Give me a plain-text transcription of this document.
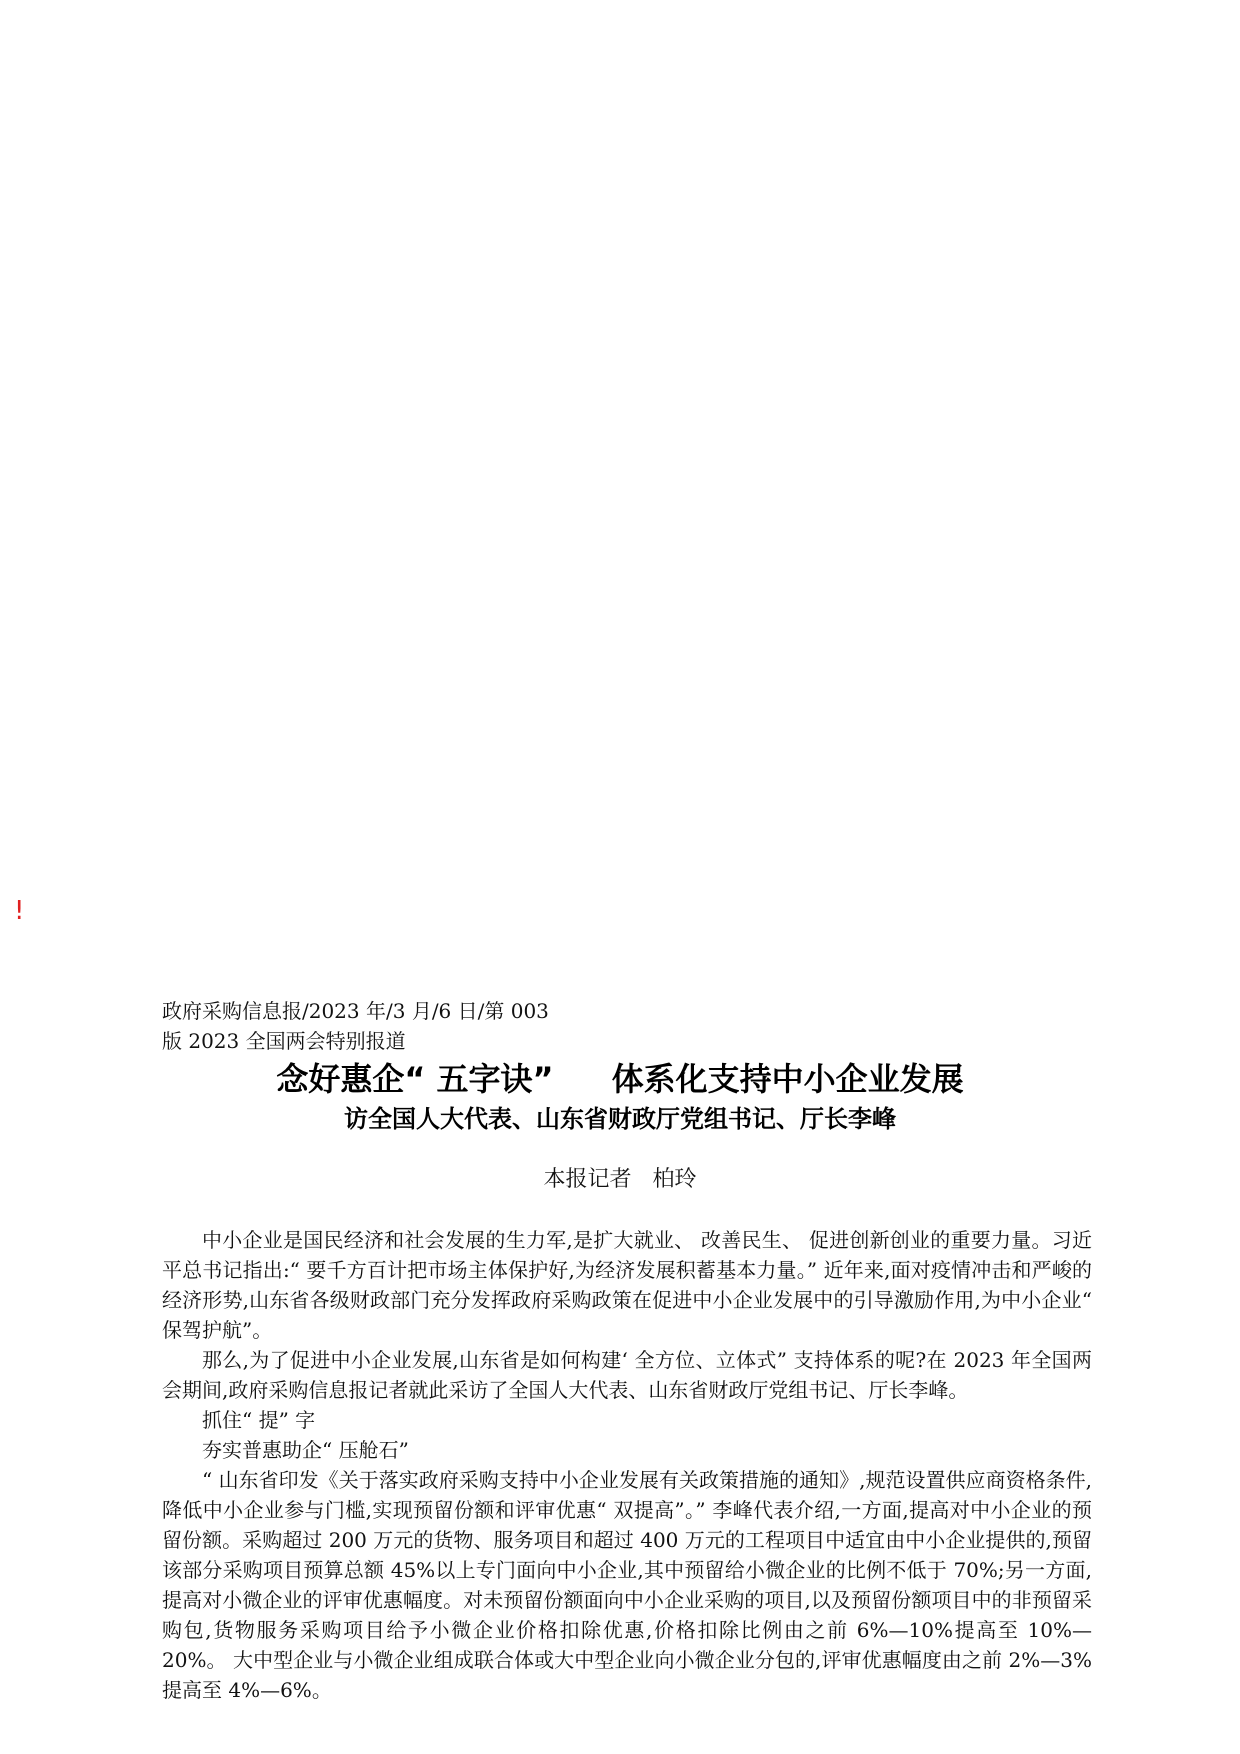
!
政府采购信息报/2023 年/3 月/6 日/第 003
版 2023 全国两会特别报道
念好惠企“ 五字诀” 体系化支持中小企业发展
访全国人大代表、山东省财政厅党组书记、厅长李峰
本报记者 柏玲

中小企业是国民经济和社会发展的生力军,是扩大就业、 改善民生、 促进创新创业的重要力量。习近平总书记指出:“ 要千方百计把市场主体保护好,为经济发展积蓄基本力量。” 近年来,面对疫情冲击和严峻的经济形势,山东省各级财政部门充分发挥政府采购政策在促进中小企业发展中的引导激励作用,为中小企业“ 保驾护航”。

那么,为了促进中小企业发展,山东省是如何构建‘ 全方位、立体式” 支持体系的呢?在 2023 年全国两会期间,政府采购信息报记者就此采访了全国人大代表、山东省财政厅党组书记、厅长李峰。

抓住“ 提” 字

夯实普惠助企“ 压舱石”

“ 山东省印发《关于落实政府采购支持中小企业发展有关政策措施的通知》,规范设置供应商资格条件,降低中小企业参与门槛,实现预留份额和评审优惠“ 双提高”。” 李峰代表介绍,一方面,提高对中小企业的预留份额。采购超过 200 万元的货物、服务项目和超过 400 万元的工程项目中适宜由中小企业提供的,预留该部分采购项目预算总额 45%以上专门面向中小企业,其中预留给小微企业的比例不低于 70%;另一方面,提高对小微企业的评审优惠幅度。对未预留份额面向中小企业采购的项目,以及预留份额项目中的非预留采购包,货物服务采购项目给予小微企业价格扣除优惠,价格扣除比例由之前 6%—10%提高至 10%—20%。 大中型企业与小微企业组成联合体或大中型企业向小微企业分包的,评审优惠幅度由之前 2%—3%提高至 4%—6%。
